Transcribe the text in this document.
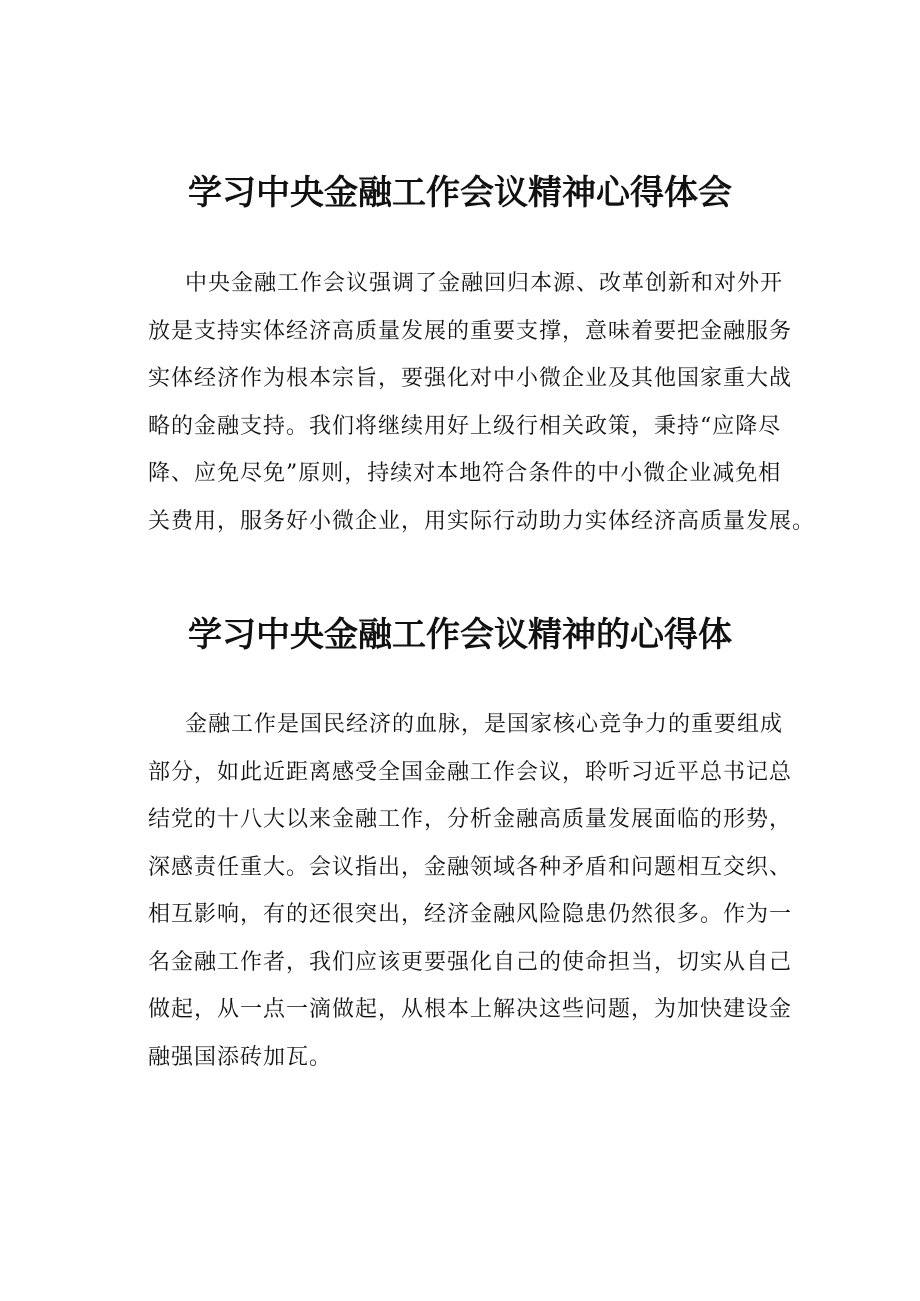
学习中央金融工作会议精神心得体会
中央金融工作会议强调了金融回归本源、改革创新和对外开
放是支持实体经济高质量发展的重要支撑，意味着要把金融服务
实体经济作为根本宗旨，要强化对中小微企业及其他国家重大战
略的金融支持。我们将继续用好上级行相关政策，秉持“应降尽
降、应免尽免”原则，持续对本地符合条件的中小微企业减免相
关费用，服务好小微企业，用实际行动助力实体经济高质量发展。
学习中央金融工作会议精神的心得体
金融工作是国民经济的血脉，是国家核心竞争力的重要组成
部分，如此近距离感受全国金融工作会议，聆听习近平总书记总
结党的十八大以来金融工作，分析金融高质量发展面临的形势，
深感责任重大。会议指出，金融领域各种矛盾和问题相互交织、
相互影响，有的还很突出，经济金融风险隐患仍然很多。作为一
名金融工作者，我们应该更要强化自己的使命担当，切实从自己
做起，从一点一滴做起，从根本上解决这些问题，为加快建设金
融强国添砖加瓦。
